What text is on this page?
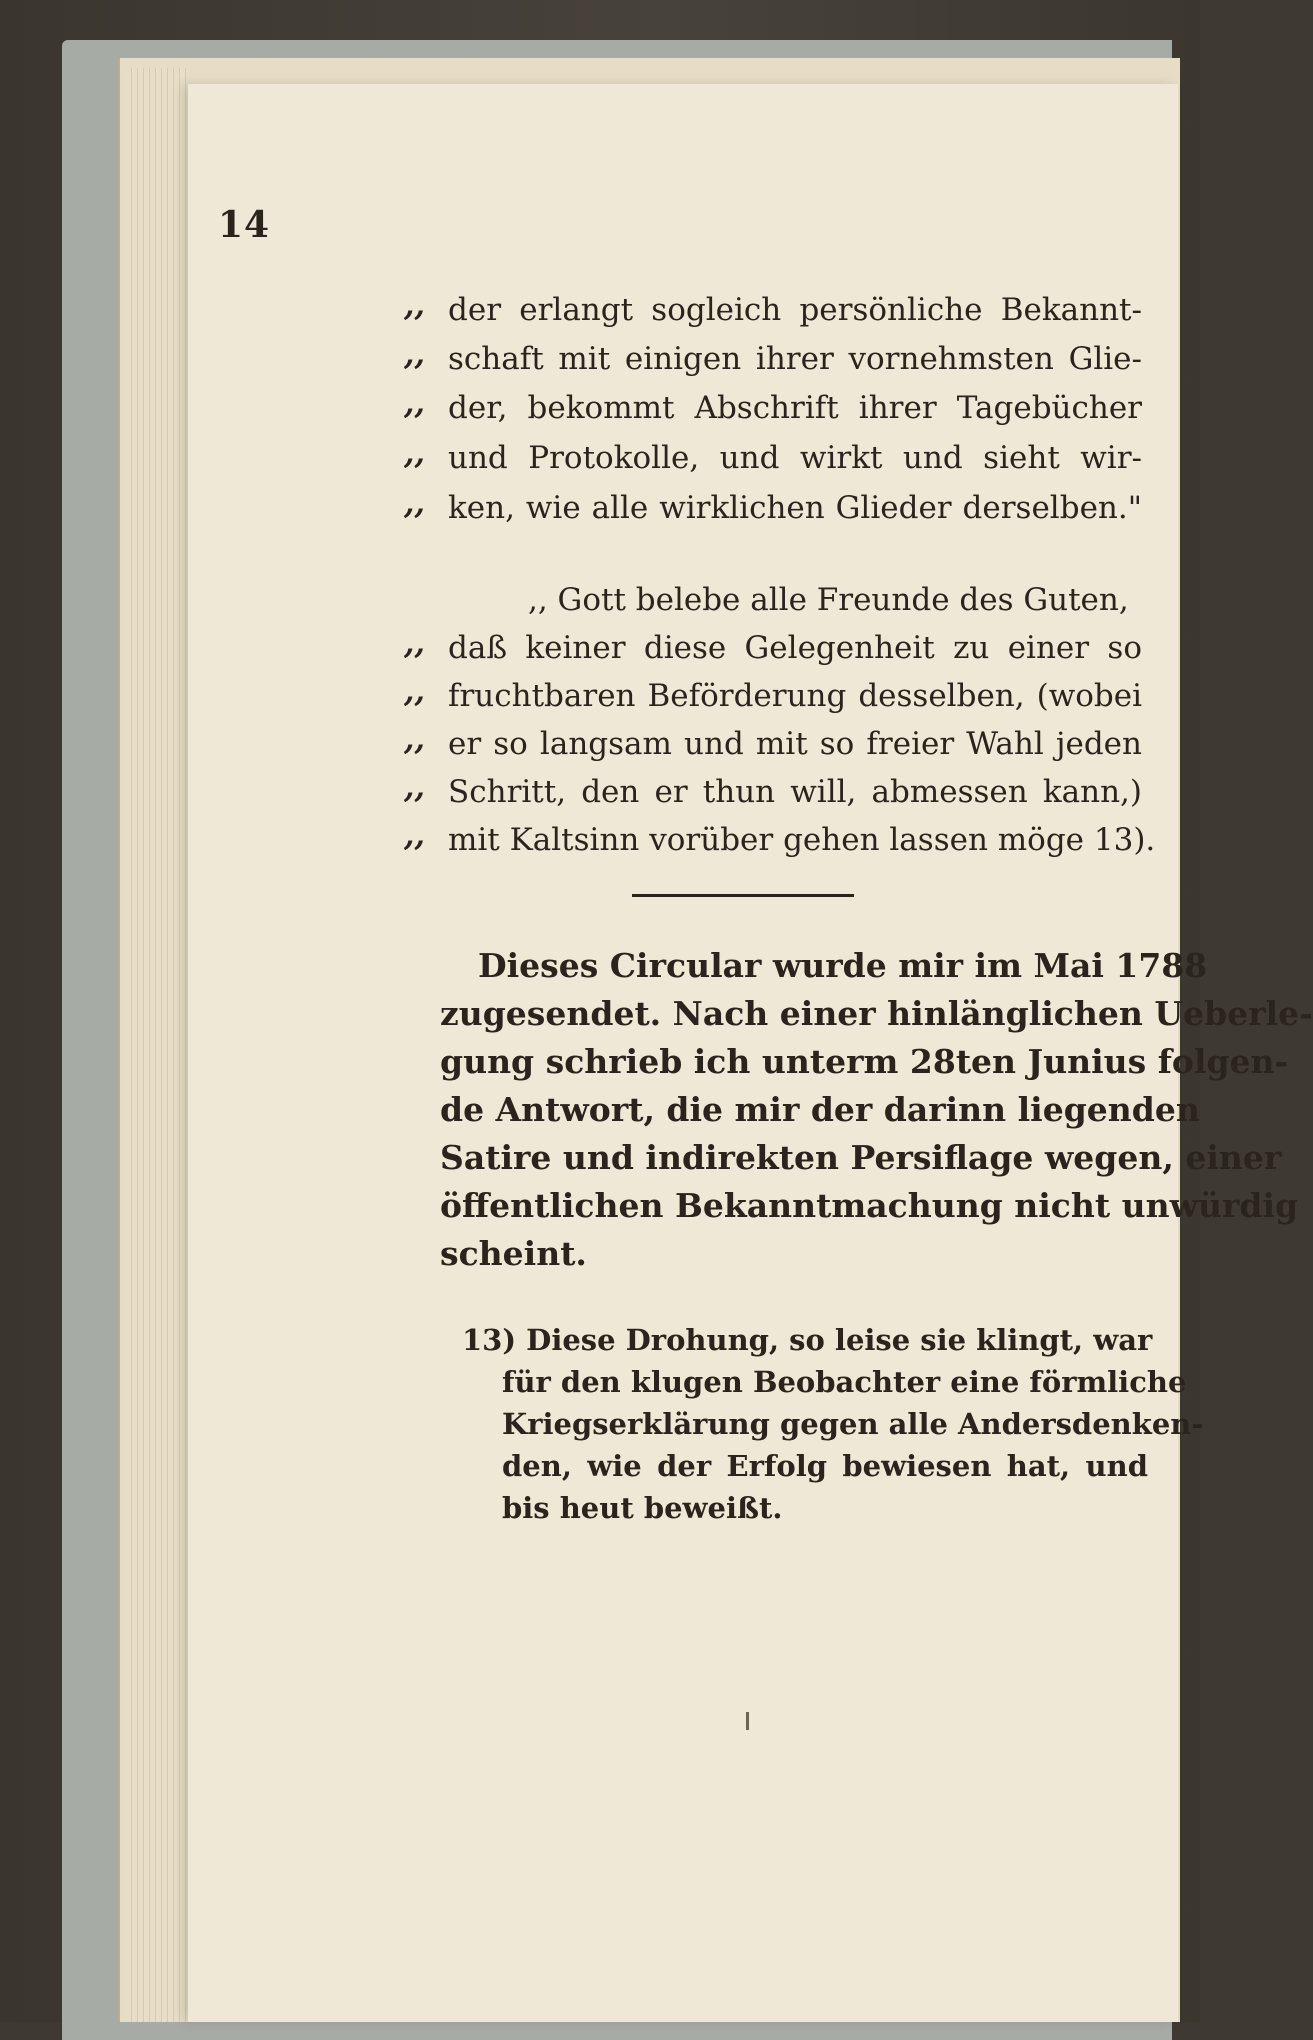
14
,, der erlangt sogleich persönliche Bekannt-
,, schaft mit einigen ihrer vornehmsten Glie-
,, der, bekommt Abschrift ihrer Tagebücher
,, und Protokolle, und wirkt und sieht wir-
,, ken, wie alle wirklichen Glieder derselben."
,, Gott belebe alle Freunde des Guten,
,, daß keiner diese Gelegenheit zu einer so
,, fruchtbaren Beförderung desselben, (wobei
,, er so langsam und mit so freier Wahl jeden
,, Schritt, den er thun will, abmessen kann,)
,, mit Kaltsinn vorüber gehen lassen möge 13).
Dieses Circular wurde mir im Mai 1788
zugesendet. Nach einer hinlänglichen Ueberle-
gung schrieb ich unterm 28ten Junius folgen-
de Antwort, die mir der darinn liegenden
Satire und indirekten Persiflage wegen, einer
öffentlichen Bekanntmachung nicht unwürdig
scheint.
13) Diese Drohung, so leise sie klingt, war
für den klugen Beobachter eine förmliche
Kriegserklärung gegen alle Andersdenken-
den, wie der Erfolg bewiesen hat, und
bis heut beweißt.
